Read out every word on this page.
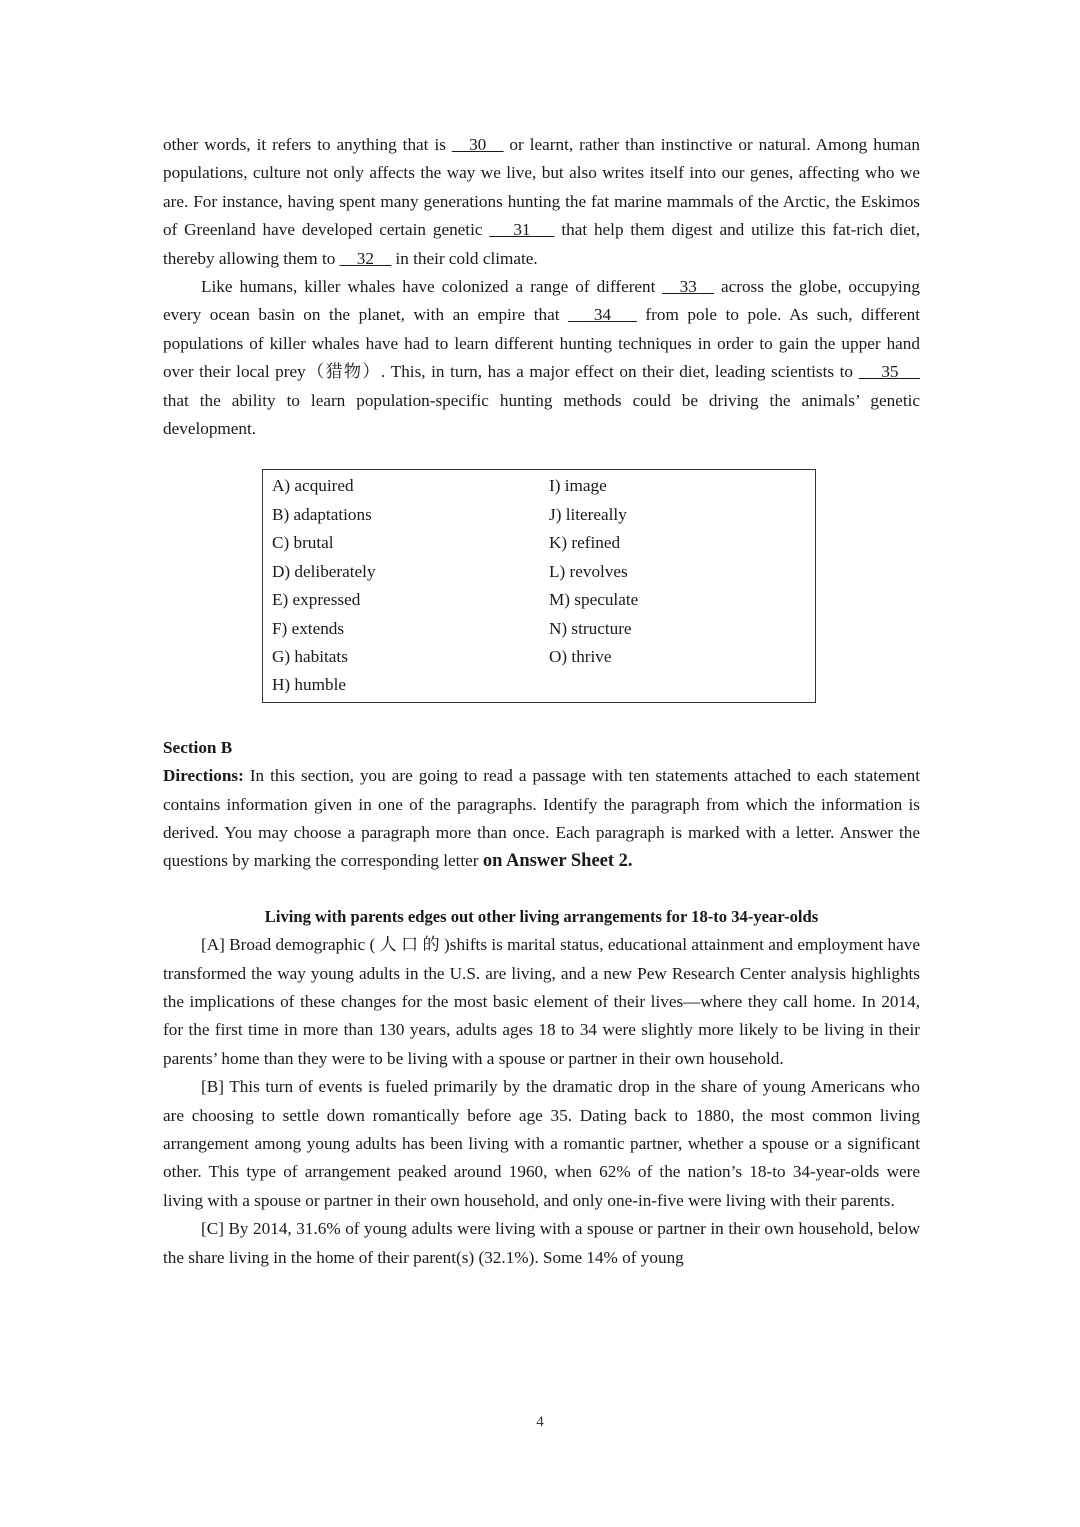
other words, it refers to anything that is __30__ or learnt, rather than instinctive or natural. Among human populations, culture not only affects the way we live, but also writes itself into our genes, affecting who we are. For instance, having spent many generations hunting the fat marine mammals of the Arctic, the Eskimos of Greenland have developed certain genetic  __31__  that help them digest and utilize this fat-rich diet, thereby allowing them to __32__ in their cold climate.

Like humans, killer whales have colonized a range of different __33__ across the globe, occupying every ocean basin on the planet, with an empire that  __34__  from pole to pole. As such, different populations of killer whales have had to learn different hunting techniques in order to gain the upper hand over their local prey（猎物）. This, in turn, has a major effect on their diet, leading scientists to  __35__  that the ability to learn population-specific hunting methods could be driving the animals’ genetic development.

A) acquired	I) image
B) adaptations	J) litereally
C) brutal	K) refined
D) deliberately	L) revolves
E) expressed	M) speculate
F) extends	N) structure
G) habitats	O) thrive
H) humble
Section B

Directions: In this section, you are going to read a passage with ten statements attached to each statement contains information given in one of the paragraphs. Identify the paragraph from which the information is derived. You may choose a paragraph more than once. Each paragraph is marked with a letter. Answer the questions by marking the corresponding letter on Answer Sheet 2.

Living with parents edges out other living arrangements for 18-to 34-year-olds

[A] Broad demographic ( 人 口 的 )shifts is marital status, educational attainment and employment have transformed the way young adults in the U.S. are living, and a new Pew Research Center analysis highlights the implications of these changes for the most basic element of their lives—where they call home. In 2014, for the first time in more than 130 years, adults ages 18 to 34 were slightly more likely to be living in their parents’ home than they were to be living with a spouse or partner in their own household.

[B] This turn of events is fueled primarily by the dramatic drop in the share of young Americans who are choosing to settle down romantically before age 35. Dating back to 1880, the most common living arrangement among young adults has been living with a romantic partner, whether a spouse or a significant other. This type of arrangement peaked around 1960, when 62% of the nation’s 18-to 34-year-olds were living with a spouse or partner in their own household, and only one-in-five were living with their parents.

[C] By 2014, 31.6% of young adults were living with a spouse or partner in their own household, below the share living in the home of their parent(s) (32.1%). Some 14% of young

4
